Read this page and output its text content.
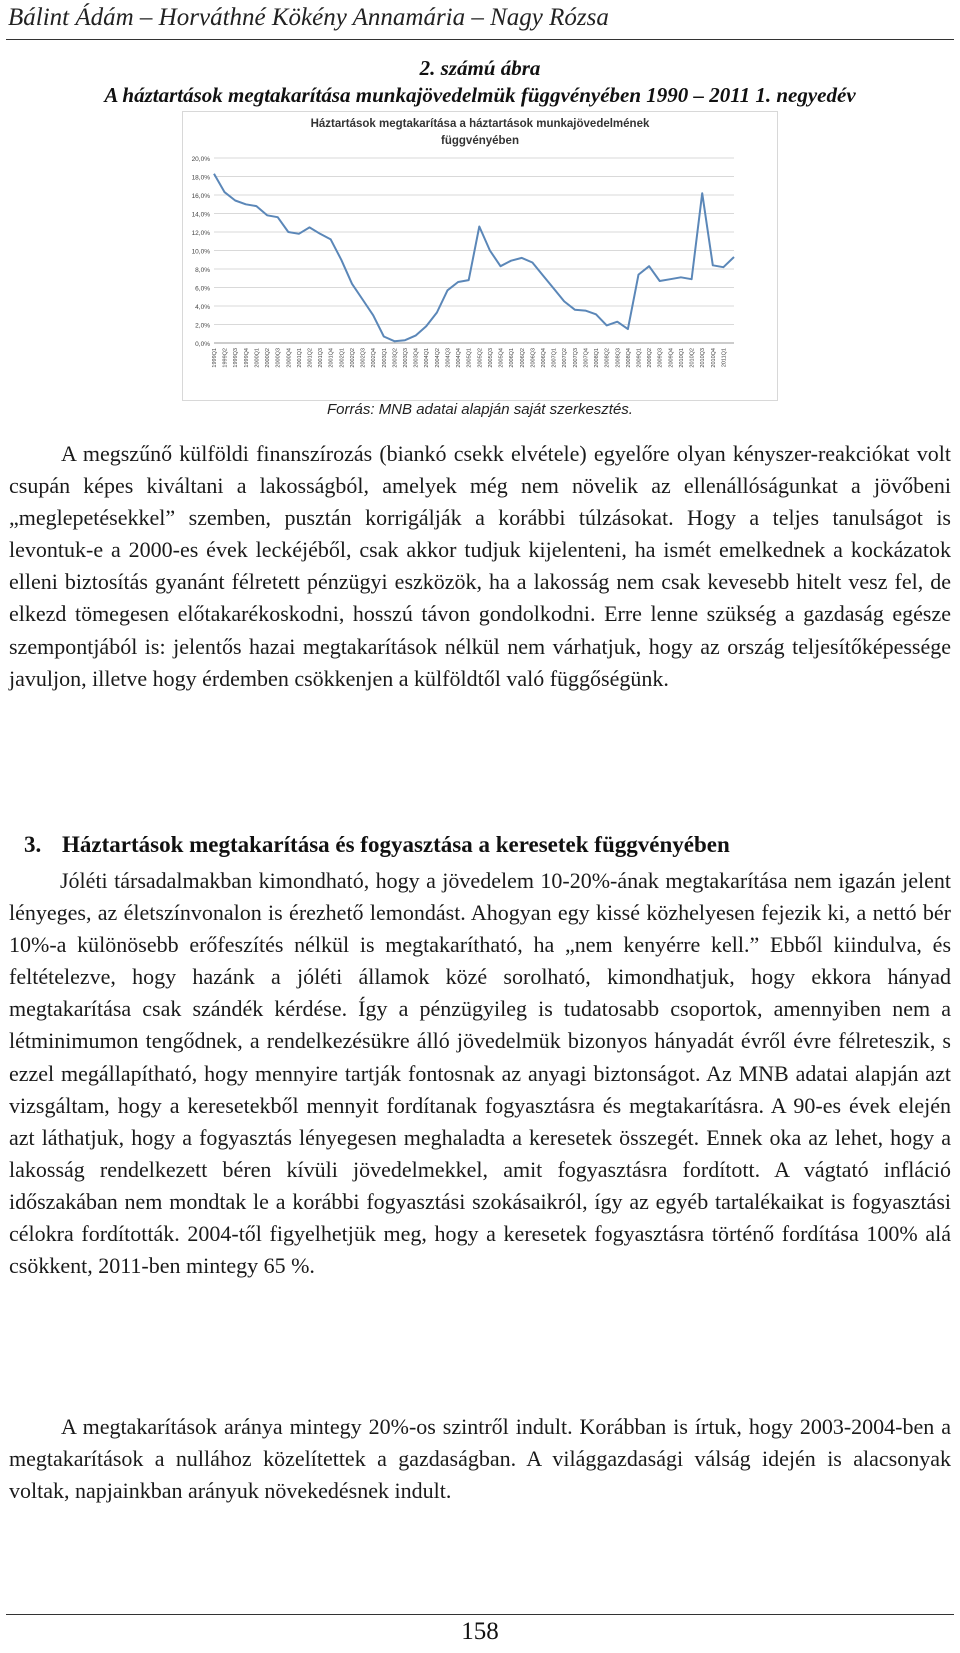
Bálint Ádám – Horváthné Kökény Annamária – Nagy Rózsa
2. számú ábra
A háztartások megtakarítása munkajövedelmük függvényében 1990 – 2011 1. negyedév
Háztartások megtakarítása a háztartások munkajövedelmének
függvényében
0,0%
2,0%
4,0%
6,0%
8,0%
10,0%
12,0%
14,0%
16,0%
18,0%
20,0%
1999Q1 1999Q2 1999Q3 1999Q4 2000Q1 2000Q2 2000Q3 2000Q4 2001Q1 2001Q2 2001Q3 2001Q4 2002Q1 2002Q2 2002Q3 2002Q4 2003Q1 2003Q2 2003Q3 2003Q4 2004Q1 2004Q2 2004Q3 2004Q4 2005Q1 2005Q2 2005Q3 2005Q4 2006Q1 2006Q2 2006Q3 2006Q4 2007Q1 2007Q2 2007Q3 2007Q4 2008Q1 2008Q2 2008Q3 2008Q4 2009Q1 2009Q2 2009Q3 2009Q4 2010Q1 2010Q2 2010Q3 2010Q4 2011Q1
Forrás: MNB adatai alapján saját szerkesztés.

A megszűnő külföldi finanszírozás (biankó csekk elvétele) egyelőre olyan kényszer-reakciókat volt csupán képes kiváltani a lakosságból, amelyek még nem növelik az ellenállóságunkat a jövőbeni „meglepetésekkel” szemben, pusztán korrigálják a korábbi túlzásokat. Hogy a teljes tanulságot is levontuk-e a 2000-es évek leckéjéből, csak akkor tudjuk kijelenteni, ha ismét emelkednek a kockázatok elleni biztosítás gyanánt félretett pénzügyi eszközök, ha a lakosság nem csak kevesebb hitelt vesz fel, de elkezd tömegesen előtakarékoskodni, hosszú távon gondolkodni. Erre lenne szükség a gazdaság egésze szempontjából is: jelentős hazai megtakarítások nélkül nem várhatjuk, hogy az ország teljesítőképessége javuljon, illetve hogy érdemben csökkenjen a külföldtől való függőségünk.

3. Háztartások megtakarítása és fogyasztása a keresetek függvényében

Jóléti társadalmakban kimondható, hogy a jövedelem 10-20%-ának megtakarítása nem igazán jelent lényeges, az életszínvonalon is érezhető lemondást. Ahogyan egy kissé közhelyesen fejezik ki, a nettó bér 10%-a különösebb erőfeszítés nélkül is megtakarítható, ha „nem kenyérre kell.” Ebből kiindulva, és feltételezve, hogy hazánk a jóléti államok közé sorolható, kimondhatjuk, hogy ekkora hányad megtakarítása csak szándék kérdése. Így a pénzügyileg is tudatosabb csoportok, amennyiben nem a létminimumon tengődnek, a rendelkezésükre álló jövedelmük bizonyos hányadát évről évre félreteszik, s ezzel megállapítható, hogy mennyire tartják fontosnak az anyagi biztonságot. Az MNB adatai alapján azt vizsgáltam, hogy a keresetekből mennyit fordítanak fogyasztásra és megtakarításra. A 90-es évek elején azt láthatjuk, hogy a fogyasztás lényegesen meghaladta a keresetek összegét. Ennek oka az lehet, hogy a lakosság rendelkezett béren kívüli jövedelmekkel, amit fogyasztásra fordított. A vágtató infláció időszakában nem mondtak le a korábbi fogyasztási szokásaikról, így az egyéb tartalékaikat is fogyasztási célokra fordították. 2004-től figyelhetjük meg, hogy a keresetek fogyasztásra történő fordítása 100% alá csökkent, 2011-ben mintegy 65 %.

A megtakarítások aránya mintegy 20%-os szintről indult. Korábban is írtuk, hogy 2003-2004-ben a megtakarítások a nullához közelítettek a gazdaságban. A világgazdasági válság idején is alacsonyak voltak, napjainkban arányuk növekedésnek indult.

158
